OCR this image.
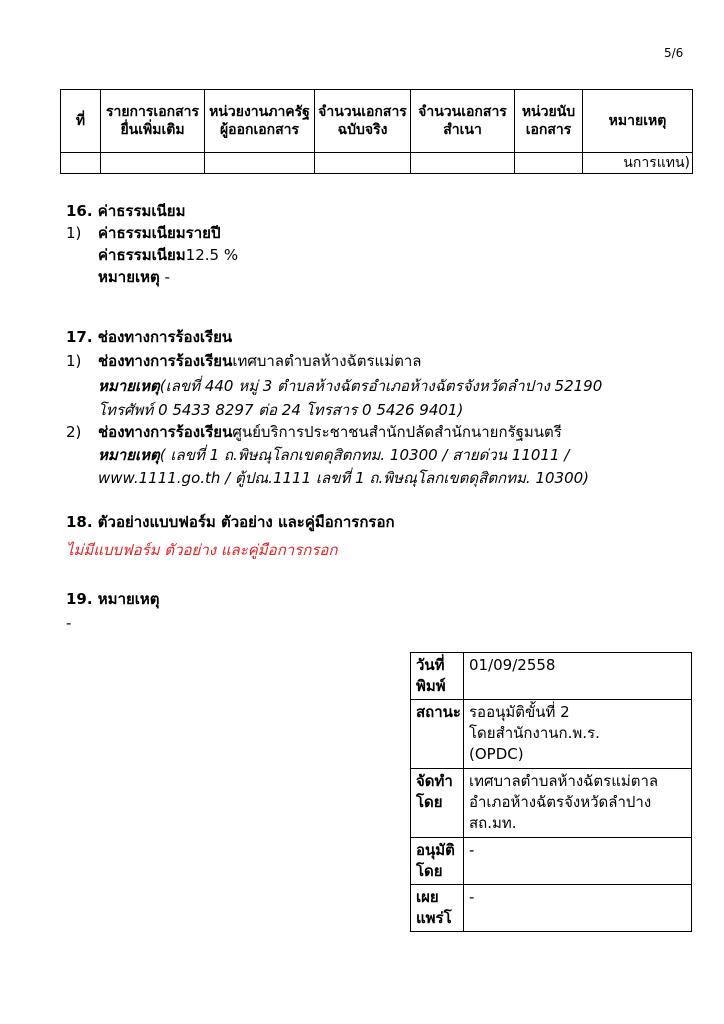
5/6
ที่	รายการเอกสารยื่นเพิ่มเติม	หน่วยงานภาครัฐผู้ออกเอกสาร	จำนวนเอกสารฉบับจริง	จำนวนเอกสารสำเนา	หน่วยนับเอกสาร	หมายเหตุ
						นการแทน)
16. ค่าธรรมเนียม
1) ค่าธรรมเนียมรายปี
ค่าธรรมเนียม12.5 %
หมายเหตุ -
17. ช่องทางการร้องเรียน
1) ช่องทางการร้องเรียนเทศบาลตำบลห้างฉัตรแม่ตาล
หมายเหตุ(เลขที่ 440 หมู่ 3 ตำบลห้างฉัตรอำเภอห้างฉัตรจังหวัดลำปาง 52190
โทรศัพท์ 0 5433 8297 ต่อ 24 โทรสาร 0 5426 9401)
2) ช่องทางการร้องเรียนศูนย์บริการประชาชนสำนักปลัดสำนักนายกรัฐมนตรี
หมายเหตุ( เลขที่ 1 ถ.พิษณุโลกเขตดุสิตกทม. 10300 / สายด่วน 11011 /
www.1111.go.th / ตู้ปณ.1111 เลขที่ 1 ถ.พิษณุโลกเขตดุสิตกทม. 10300)
18. ตัวอย่างแบบฟอร์ม ตัวอย่าง และคู่มือการกรอก
ไม่มีแบบฟอร์ม ตัวอย่าง และคู่มือการกรอก
19. หมายเหตุ
-
วันที่พิมพ์	01/09/2558
สถานะ	รออนุมัติขั้นที่ 2
โดยสำนักงานก.พ.ร.
(OPDC)

จัดทำโดย	เทศบาลตำบลห้างฉัตรแม่ตาลอำเภอห้างฉัตรจังหวัดลำปางสถ.มท.
อนุมัติโดย	-
เผยแพร่โ	-
